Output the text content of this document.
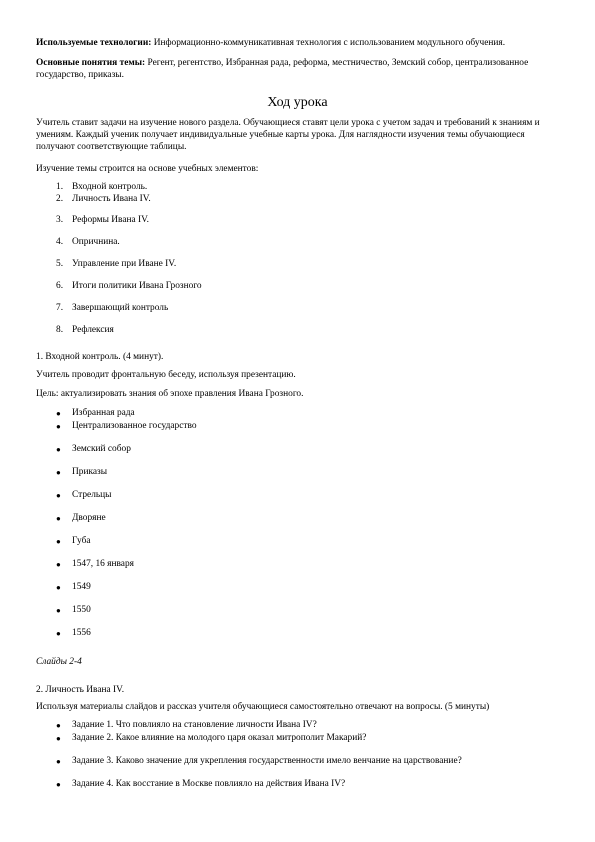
Используемые технологии: Информационно-коммуникативная технология с использованием модульного обучения.

Основные понятия темы: Регент, регентство, Избранная рада, реформа, местничество, Земский собор, централизованное государство, приказы.

Ход урока

Учитель ставит задачи на изучение нового раздела. Обучающиеся ставят цели урока с учетом задач и требований к знаниям и умениям. Каждый ученик получает индивидуальные учебные карты урока. Для наглядности изучения темы обучающиеся получают соответствующие таблицы.

Изучение темы строится на основе учебных элементов:

1. Входной контроль.
2. Личность Ивана IV.
3. Реформы Ивана IV.
4. Опричнина.
5. Управление при Иване IV.
6. Итоги политики Ивана Грозного
7. Завершающий контроль
8. Рефлексия

1. Входной контроль. (4 минут).

Учитель проводит фронтальную беседу, используя презентацию.

Цель: актуализировать знания об эпохе правления Ивана Грозного.

● Избранная рада
● Централизованное государство
● Земский собор
● Приказы
● Стрельцы
● Дворяне
● Губа
● 1547, 16 января
● 1549
● 1550
● 1556

Слайды 2-4

2. Личность Ивана IV.

Используя материалы слайдов и рассказ учителя обучающиеся самостоятельно отвечают на вопросы. (5 минуты)

● Задание 1. Что повлияло на становление личности Ивана IV?
● Задание 2. Какое влияние на молодого царя оказал митрополит Макарий?
● Задание 3. Каково значение для укрепления государственности имело венчание на царствование?
● Задание 4. Как восстание в Москве повлияло на действия Ивана IV?
